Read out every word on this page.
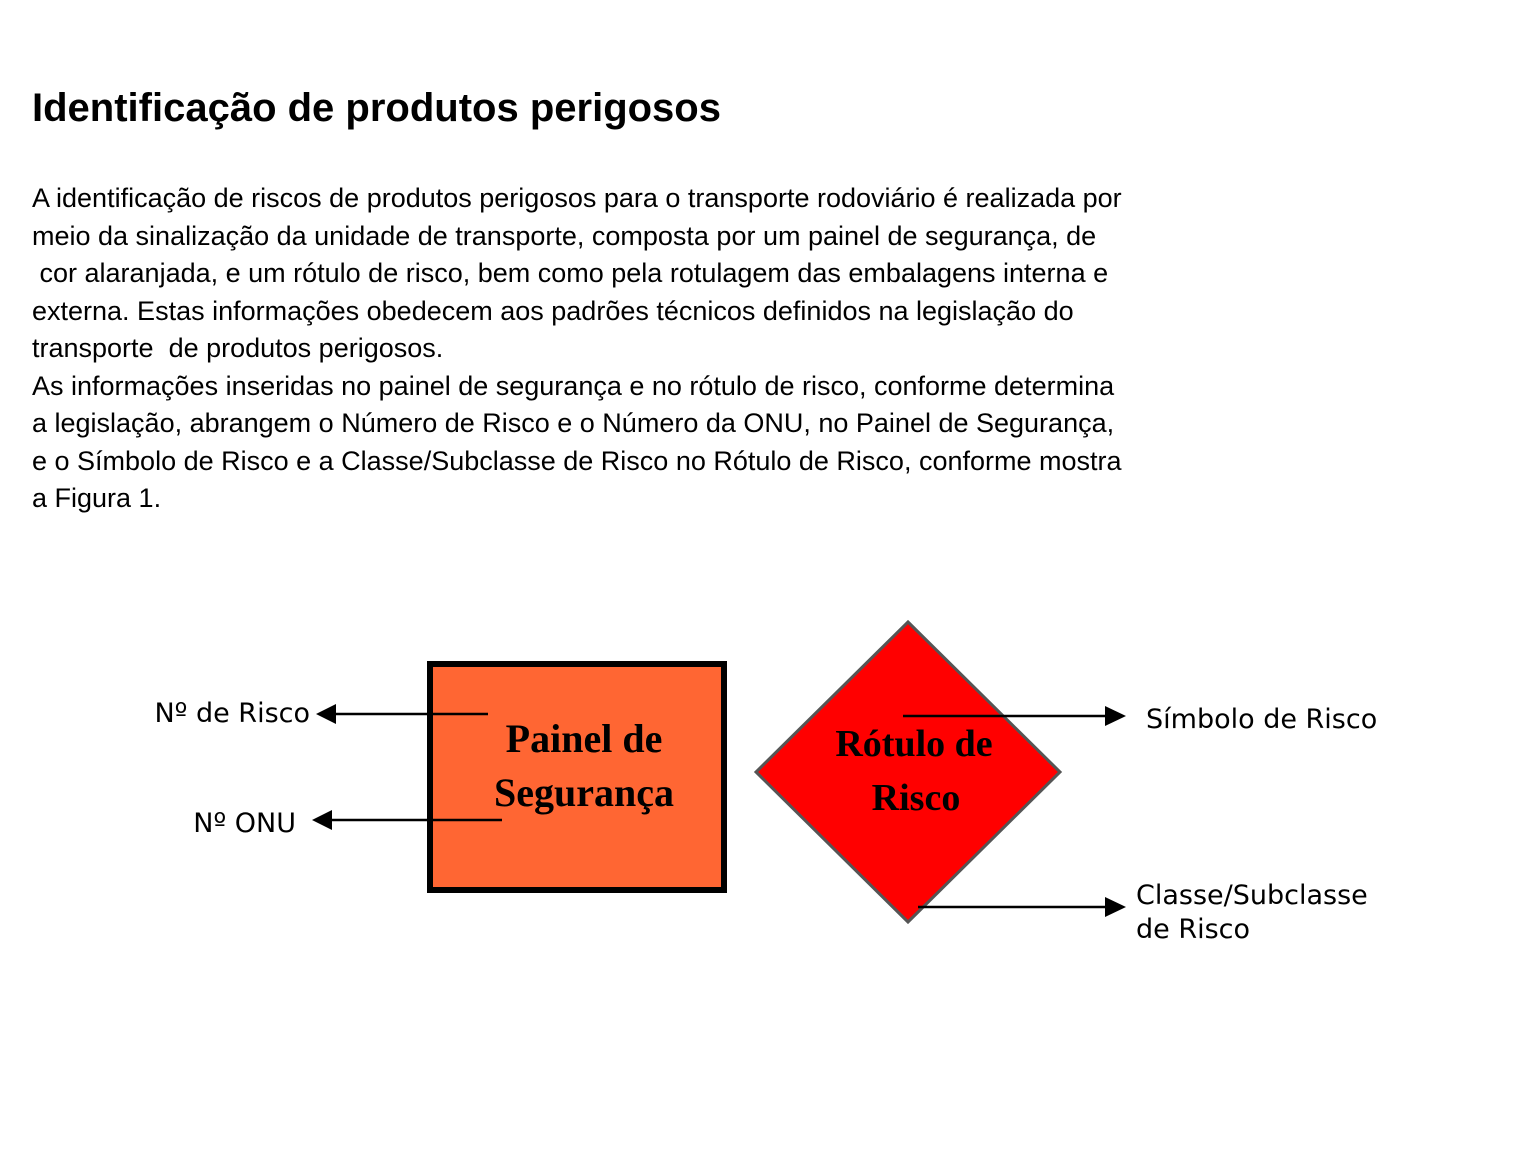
Identificação de produtos perigosos
A identificação de riscos de produtos perigosos para o transporte rodoviário é realizada por
meio da sinalização da unidade de transporte, composta por um painel de segurança, de
cor alaranjada, e um rótulo de risco, bem como pela rotulagem das embalagens interna e
externa. Estas informações obedecem aos padrões técnicos definidos na legislação do
transporte  de produtos perigosos.
As informações inseridas no painel de segurança e no rótulo de risco, conforme determina
a legislação, abrangem o Número de Risco e o Número da ONU, no Painel de Segurança,
e o Símbolo de Risco e a Classe/Subclasse de Risco no Rótulo de Risco, conforme mostra
a Figura 1.
Painel de
Segurança
Rótulo de
Risco
Nº de Risco
Nº ONU
Símbolo de Risco
Classe/Subclasse
de Risco
